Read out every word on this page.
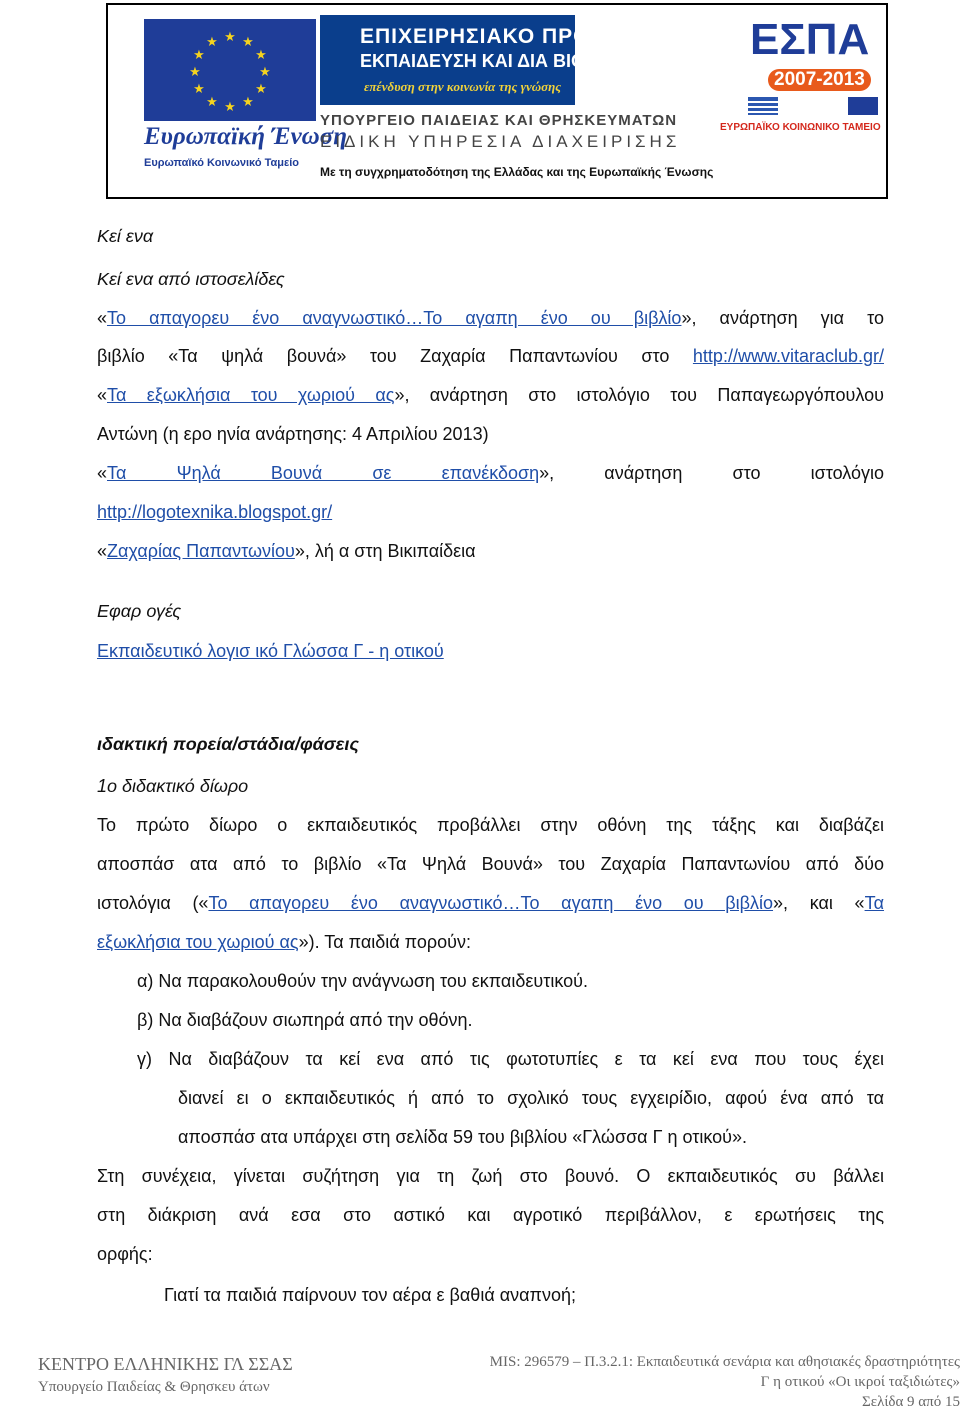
★ ★
★
★
★
★
★
★
★
★
★
★
Ευρωπαϊκή Ένωση
Ευρωπαϊκό Κοινωνικό Ταμείο
ΕΠΙΧΕΙΡΗΣΙΑΚΟ ΠΡΟΓΡΑΜΜΑ
ΕΚΠΑΙΔΕΥΣΗ ΚΑΙ ΔΙΑ ΒΙΟΥ ΜΑΘΗΣΗ
επένδυση στην κοινωνία της γνώσης
ΥΠΟΥΡΓΕΙΟ ΠΑΙΔΕΙΑΣ ΚΑΙ ΘΡΗΣΚΕΥΜΑΤΩΝ
ΕΙΔΙΚΗ ΥΠΗΡΕΣΙΑ ΔΙΑΧΕΙΡΙΣΗΣ
Με τη συγχρηματοδότηση της Ελλάδας και της Ευρωπαϊκής Ένωσης
ΕΣΠΑ
2007-2013
ΕΥΡΩΠΑΪΚΟ ΚΟΙΝΩΝΙΚΟ ΤΑΜΕΙΟ
Κεί ενα
Κεί ενα από ιστοσελίδες
«Το απαγορευ ένο αναγνωστικό…Το αγαπη ένο ου βιβλίο», ανάρτηση για το
βιβλίο «Τα ψηλά βουνά» του Ζαχαρία Παπαντωνίου στο http://www.vitaraclub.gr/
«Τα εξωκλήσια του χωριού ας», ανάρτηση στο ιστολόγιο του Παπαγεωργόπουλου
Αντώνη (η ερο ηνία ανάρτησης: 4 Απριλίου 2013)
«Τα Ψηλά Βουνά σε επανέκδοση», ανάρτηση στο ιστολόγιο
http://logotexnika.blogspot.gr/
«Ζαχαρίας Παπαντωνίου», λή α στη Βικιπαίδεια
Εφαρ ογές
Εκπαιδευτικό λογισ ικό Γλώσσα Γ - η οτικού
ιδακτική πορεία/στάδια/φάσεις
1ο διδακτικό δίωρο
Το πρώτο δίωρο ο εκπαιδευτικός προβάλλει στην οθόνη της τάξης και διαβάζει
αποσπάσ ατα από το βιβλίο «Τα Ψηλά Βουνά» του Ζαχαρία Παπαντωνίου από δύο
ιστολόγια («Το απαγορευ ένο αναγνωστικό…Το αγαπη ένο ου βιβλίο», και «Τα
εξωκλήσια του χωριού ας»). Τα παιδιά πορούν:
α) Να παρακολουθούν την ανάγνωση του εκπαιδευτικού.
β) Να διαβάζουν σιωπηρά από την οθόνη.
γ) Να διαβάζουν τα κεί ενα από τις φωτοτυπίες ε τα κεί ενα που τους έχει
διανεί ει ο εκπαιδευτικός ή από το σχολικό τους εγχειρίδιο, αφού ένα από τα
αποσπάσ ατα υπάρχει στη σελίδα 59 του βιβλίου «Γλώσσα Γ η οτικού».
Στη συνέχεια, γίνεται συζήτηση για τη ζωή στο βουνό. Ο εκπαιδευτικός συ βάλλει
στη διάκριση ανά εσα στο αστικό και αγροτικό περιβάλλον, ε ερωτήσεις της
ορφής:
Γιατί τα παιδιά παίρνουν τον αέρα ε βαθιά αναπνοή;
ΚΕΝΤΡΟ ΕΛΛΗΝΙΚΗΣ ΓΛ ΣΣΑΣ
Υπουργείο Παιδείας & Θρησκευ άτων
MIS: 296579 – Π.3.2.1: Εκπαιδευτικά σενάρια και αθησιακές δραστηριότητες
Γ η οτικού «Οι ικροί ταξιδιώτες»
Σελίδα 9 από 15
